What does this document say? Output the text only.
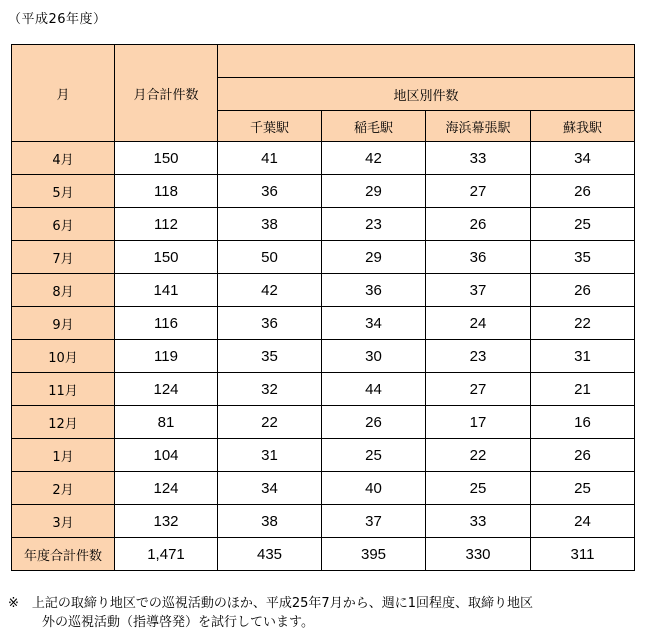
（平成26年度）
月	月合計件数				
		地区別件数			
		千葉駅	稲毛駅	海浜幕張駅	蘇我駅
4月	150	41	42	33	34
5月	118	36	29	27	26
6月	112	38	23	26	25
7月	150	50	29	36	35
8月	141	42	36	37	26
9月	116	36	34	24	22
10月	119	35	30	23	31
11月	124	32	44	27	21
12月	81	22	26	17	16
1月	104	31	25	22	26
2月	124	34	40	25	25
3月	132	38	37	33	24
年度合計件数	1,471	435	395	330	311
※　上記の取締り地区での巡視活動のほか、平成25年7月から、週に1回程度、取締り地区
外の巡視活動（指導啓発）を試行しています。
